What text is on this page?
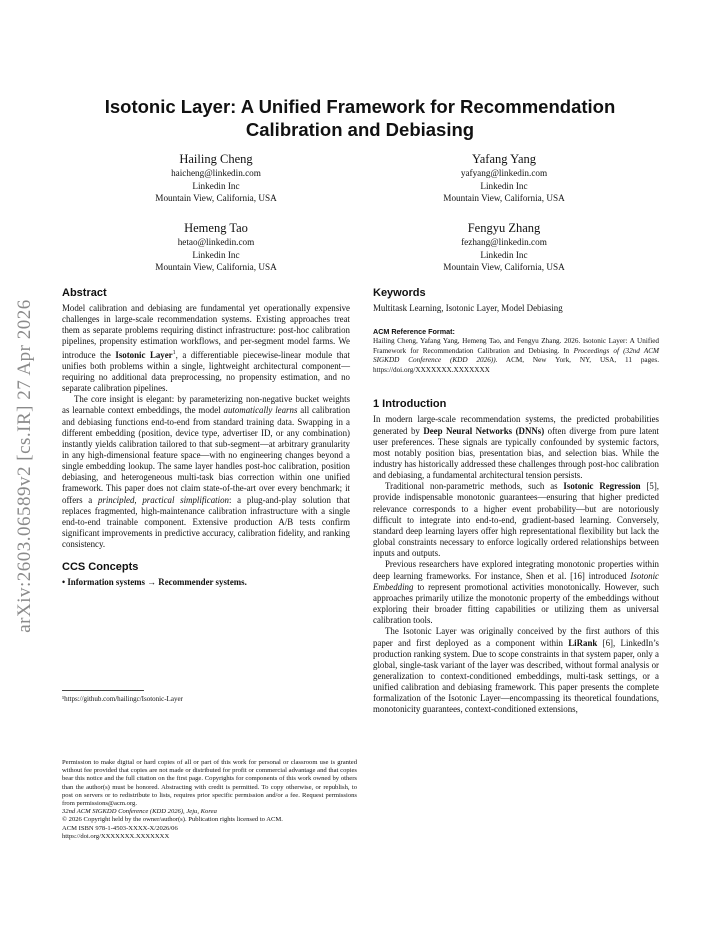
Isotonic Layer: A Unified Framework for Recommendation
Calibration and Debiasing
Hailing Cheng
haicheng@linkedin.com
Linkedin Inc
Mountain View, California, USA
Yafang Yang
yafyang@linkedin.com
Linkedin Inc
Mountain View, California, USA
Hemeng Tao
hetao@linkedin.com
Linkedin Inc
Mountain View, California, USA
Fengyu Zhang
fezhang@linkedin.com
Linkedin Inc
Mountain View, California, USA
arXiv:2603.06589v2 [cs.IR] 27 Apr 2026
Abstract

Model calibration and debiasing are fundamental yet operationally expensive challenges in large-scale recommendation systems. Existing approaches treat them as separate problems requiring distinct infrastructure: post-hoc calibration pipelines, propensity estimation workflows, and per-segment model farms. We introduce the Isotonic Layer$^1$, a differentiable piecewise-linear module that unifies both problems within a single, lightweight architectural component—requiring no additional data preprocessing, no propensity estimation, and no separate calibration pipelines.

The core insight is elegant: by parameterizing non-negative bucket weights as learnable context embeddings, the model automatically learns all calibration and debiasing functions end-to-end from standard training data. Swapping in a different embedding (position, device type, advertiser ID, or any combination) instantly yields calibration tailored to that sub-segment—at arbitrary granularity in any high-dimensional feature space—with no engineering changes beyond a single embedding lookup. The same layer handles post-hoc calibration, position debiasing, and heterogeneous multi-task bias correction within one unified framework. This paper does not claim state-of-the-art over every benchmark; it offers a principled, practical simplification: a plug-and-play solution that replaces fragmented, high-maintenance calibration infrastructure with a single end-to-end trainable component. Extensive production A/B tests confirm significant improvements in predictive accuracy, calibration fidelity, and ranking consistency.

CCS Concepts
• Information systems → Recommender systems.
¹https://github.com/hailingc/Isotonic-Layer

Permission to make digital or hard copies of all or part of this work for personal or classroom use is granted without fee provided that copies are not made or distributed for profit or commercial advantage and that copies bear this notice and the full citation on the first page. Copyrights for components of this work owned by others than the author(s) must be honored. Abstracting with credit is permitted. To copy otherwise, or republish, to post on servers or to redistribute to lists, requires prior specific permission and/or a fee. Request permissions from permissions@acm.org.

32nd ACM SIGKDD Conference (KDD 2026), Jeju, Korea

© 2026 Copyright held by the owner/author(s). Publication rights licensed to ACM.

ACM ISBN 978-1-4503-XXXX-X/2026/06

https://doi.org/XXXXXXX.XXXXXXX

Keywords
Multitask Learning, Isotonic Layer, Model Debiasing
ACM Reference Format:
Hailing Cheng, Yafang Yang, Hemeng Tao, and Fengyu Zhang. 2026. Isotonic Layer: A Unified Framework for Recommendation Calibration and Debiasing. In Proceedings of (32nd ACM SIGKDD Conference (KDD 2026)). ACM, New York, NY, USA, 11 pages. https://doi.org/XXXXXXX.XXXXXXX
1 Introduction

In modern large-scale recommendation systems, the predicted probabilities generated by Deep Neural Networks (DNNs) often diverge from pure latent user preferences. These signals are typically confounded by systemic factors, most notably position bias, presentation bias, and selection bias. While the industry has historically addressed these challenges through post-hoc calibration and debiasing, a fundamental architectural tension persists.

Traditional non-parametric methods, such as Isotonic Regression [5], provide indispensable monotonic guarantees—ensuring that higher predicted relevance corresponds to a higher event probability—but are notoriously difficult to integrate into end-to-end, gradient-based learning. Conversely, standard deep learning layers offer high representational flexibility but lack the global constraints necessary to enforce logically ordered relationships between inputs and outputs.

Previous researchers have explored integrating monotonic properties within deep learning frameworks. For instance, Shen et al. [16] introduced Isotonic Embedding to represent promotional activities monotonically. However, such approaches primarily utilize the monotonic property of the embeddings without exploring their broader fitting capabilities or utilizing them as universal calibration tools.

The Isotonic Layer was originally conceived by the first authors of this paper and first deployed as a component within LiRank [6], LinkedIn’s production ranking system. Due to scope constraints in that system paper, only a global, single-task variant of the layer was described, without formal analysis or generalization to context-conditioned embeddings, multi-task settings, or a unified calibration and debiasing framework. This paper presents the complete formalization of the Isotonic Layer—encompassing its theoretical foundations, monotonicity guarantees, context-conditioned extensions,
